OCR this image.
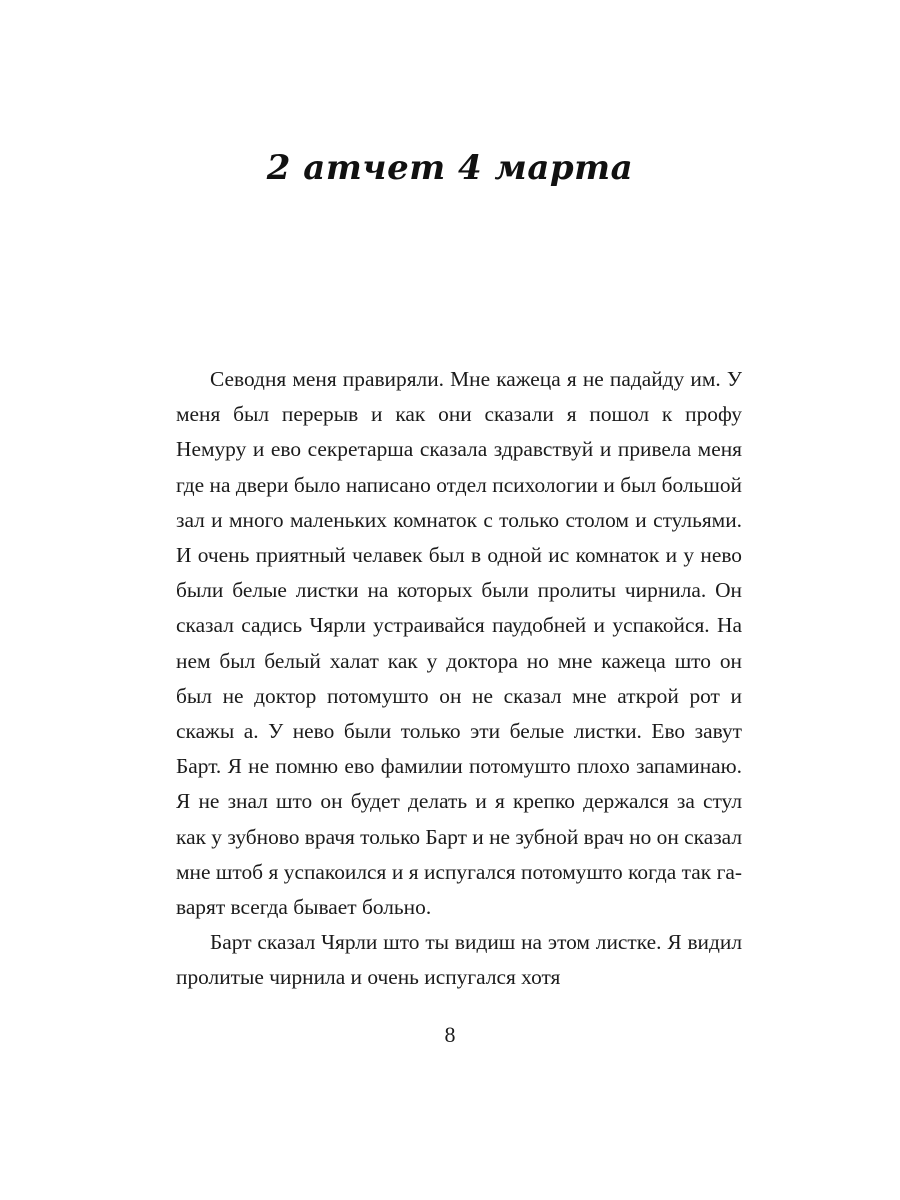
2 атчет 4 марта

Севодня меня правиряли. Мне кажеца я не падайду им. У меня был перерыв и как они сказали я пошол к профу Немуру и ево секретарша сказала здравствуй и привела меня где на двери было написано отдел психологии и был большой зал и много маленьких комнаток с только столом и стульями. И очень приятный челавек был в одной ис комнаток и у нево были белые листки на которых были пролиты чирнила. Он сказал садись Чярли устраивайся паудобней и успакойся. На нем был белый халат как у доктора но мне кажеца што он был не доктор потомушто он не сказал мне аткрой рот и скажы а. У нево были только эти белые листки. Ево завут Барт. Я не помню ево фамилии потомушто плохо запаминаю. Я не знал што он будет делать и я крепко держался за стул как у зубново врачя только Барт и не зубной врач но он сказал мне штоб я успакоился и я испугался потомушто когда так гаварят всегда бывает больно.

Барт сказал Чярли што ты видиш на этом листке. Я видил пролитые чирнила и очень испугался хотя

8
